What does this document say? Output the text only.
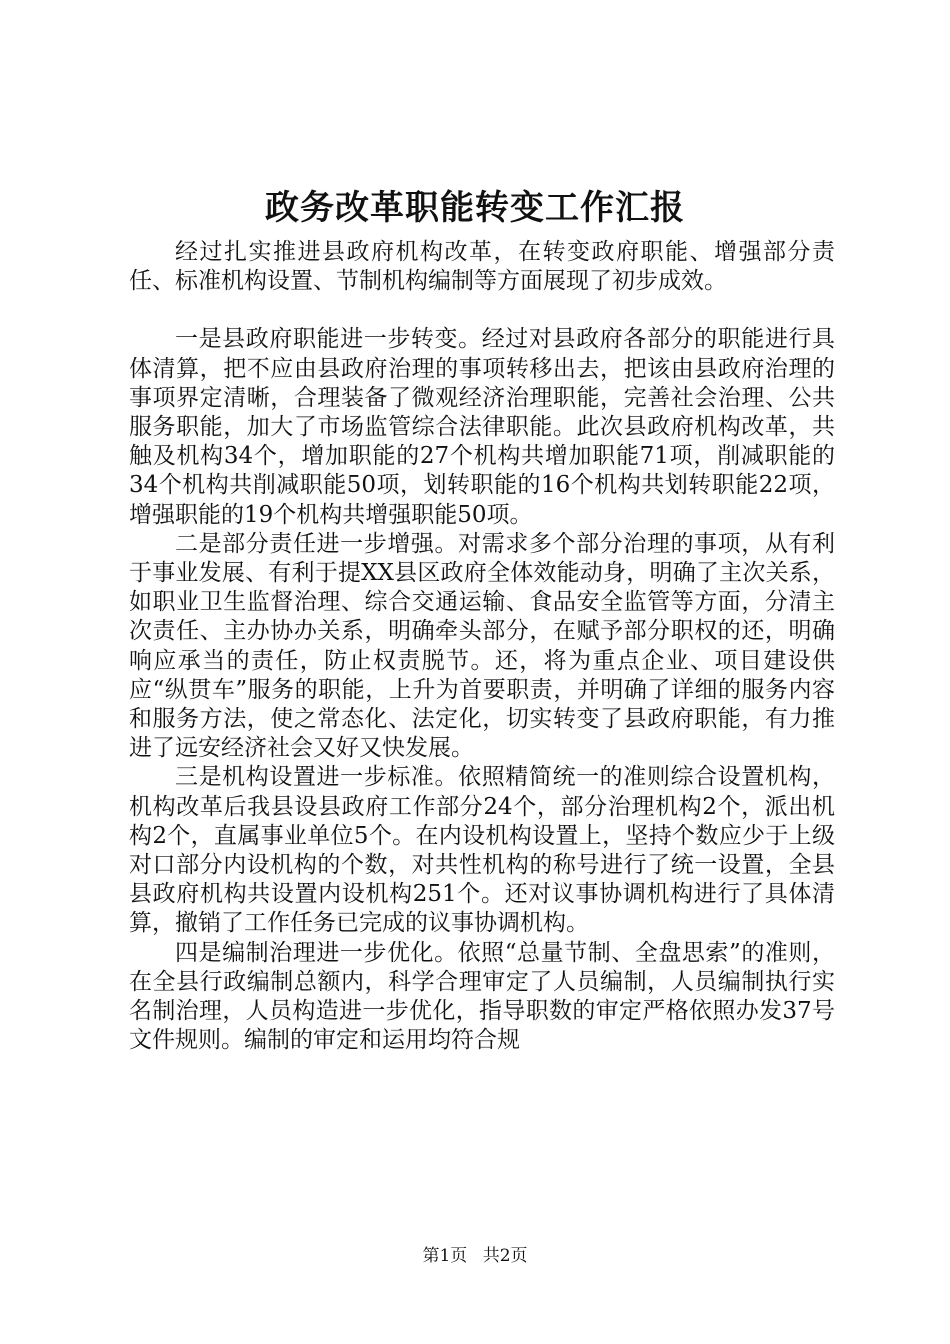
政务改革职能转变工作汇报

经过扎实推进县政府机构改革，在转变政府职能、增强部分责任、标准机构设置、节制机构编制等方面展现了初步成效。

一是县政府职能进一步转变。经过对县政府各部分的职能进行具体清算，把不应由县政府治理的事项转移出去，把该由县政府治理的事项界定清晰，合理装备了微观经济治理职能，完善社会治理、公共服务职能，加大了市场监管综合法律职能。此次县政府机构改革，共触及机构34个，增加职能的27个机构共增加职能71项，削减职能的34个机构共削减职能50项，划转职能的16个机构共划转职能22项，增强职能的19个机构共增强职能50项。

二是部分责任进一步增强。对需求多个部分治理的事项，从有利于事业发展、有利于提XX县区政府全体效能动身，明确了主次关系，如职业卫生监督治理、综合交通运输、食品安全监管等方面，分清主次责任、主办协办关系，明确牵头部分，在赋予部分职权的还，明确响应承当的责任，防止权责脱节。还，将为重点企业、项目建设供应“纵贯车”服务的职能，上升为首要职责，并明确了详细的服务内容和服务方法，使之常态化、法定化，切实转变了县政府职能，有力推进了远安经济社会又好又快发展。

三是机构设置进一步标准。依照精简统一的准则综合设置机构，机构改革后我县设县政府工作部分24个，部分治理机构2个，派出机构2个，直属事业单位5个。在内设机构设置上，坚持个数应少于上级对口部分内设机构的个数，对共性机构的称号进行了统一设置，全县县政府机构共设置内设机构251个。还对议事协调机构进行了具体清算，撤销了工作任务已完成的议事协调机构。

四是编制治理进一步优化。依照“总量节制、全盘思索”的准则，在全县行政编制总额内，科学合理审定了人员编制，人员编制执行实名制治理，人员构造进一步优化，指导职数的审定严格依照办发37号文件规则。编制的审定和运用均符合规

第1页 共2页
